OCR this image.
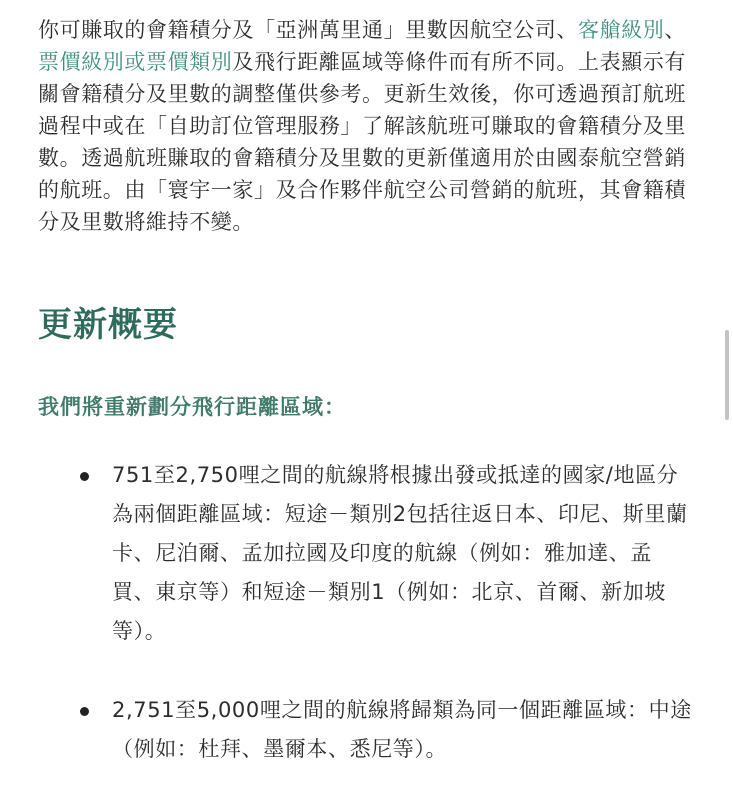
你可賺取的會籍積分及「亞洲萬里通」里數因航空公司、客艙級別、票價級別或票價類別及飛行距離區域等條件而有所不同。上表顯示有關會籍積分及里數的調整僅供參考。更新生效後，你可透過預訂航班過程中或在「自助訂位管理服務」了解該航班可賺取的會籍積分及里數。透過航班賺取的會籍積分及里數的更新僅適用於由國泰航空營銷的航班。由「寰宇一家」及合作夥伴航空公司營銷的航班，其會籍積分及里數將維持不變。

更新概要
我們將重新劃分飛行距離區域：
751至2,750哩之間的航線將根據出發或抵達的國家/地區分為兩個距離區域：短途－類別2包括往返日本、印尼、斯里蘭卡、尼泊爾、孟加拉國及印度的航線（例如：雅加達、孟買、東京等）和短途－類別1（例如：北京、首爾、新加坡等）。
2,751至5,000哩之間的航線將歸類為同一個距離區域：中途（例如：杜拜、墨爾本、悉尼等）。
